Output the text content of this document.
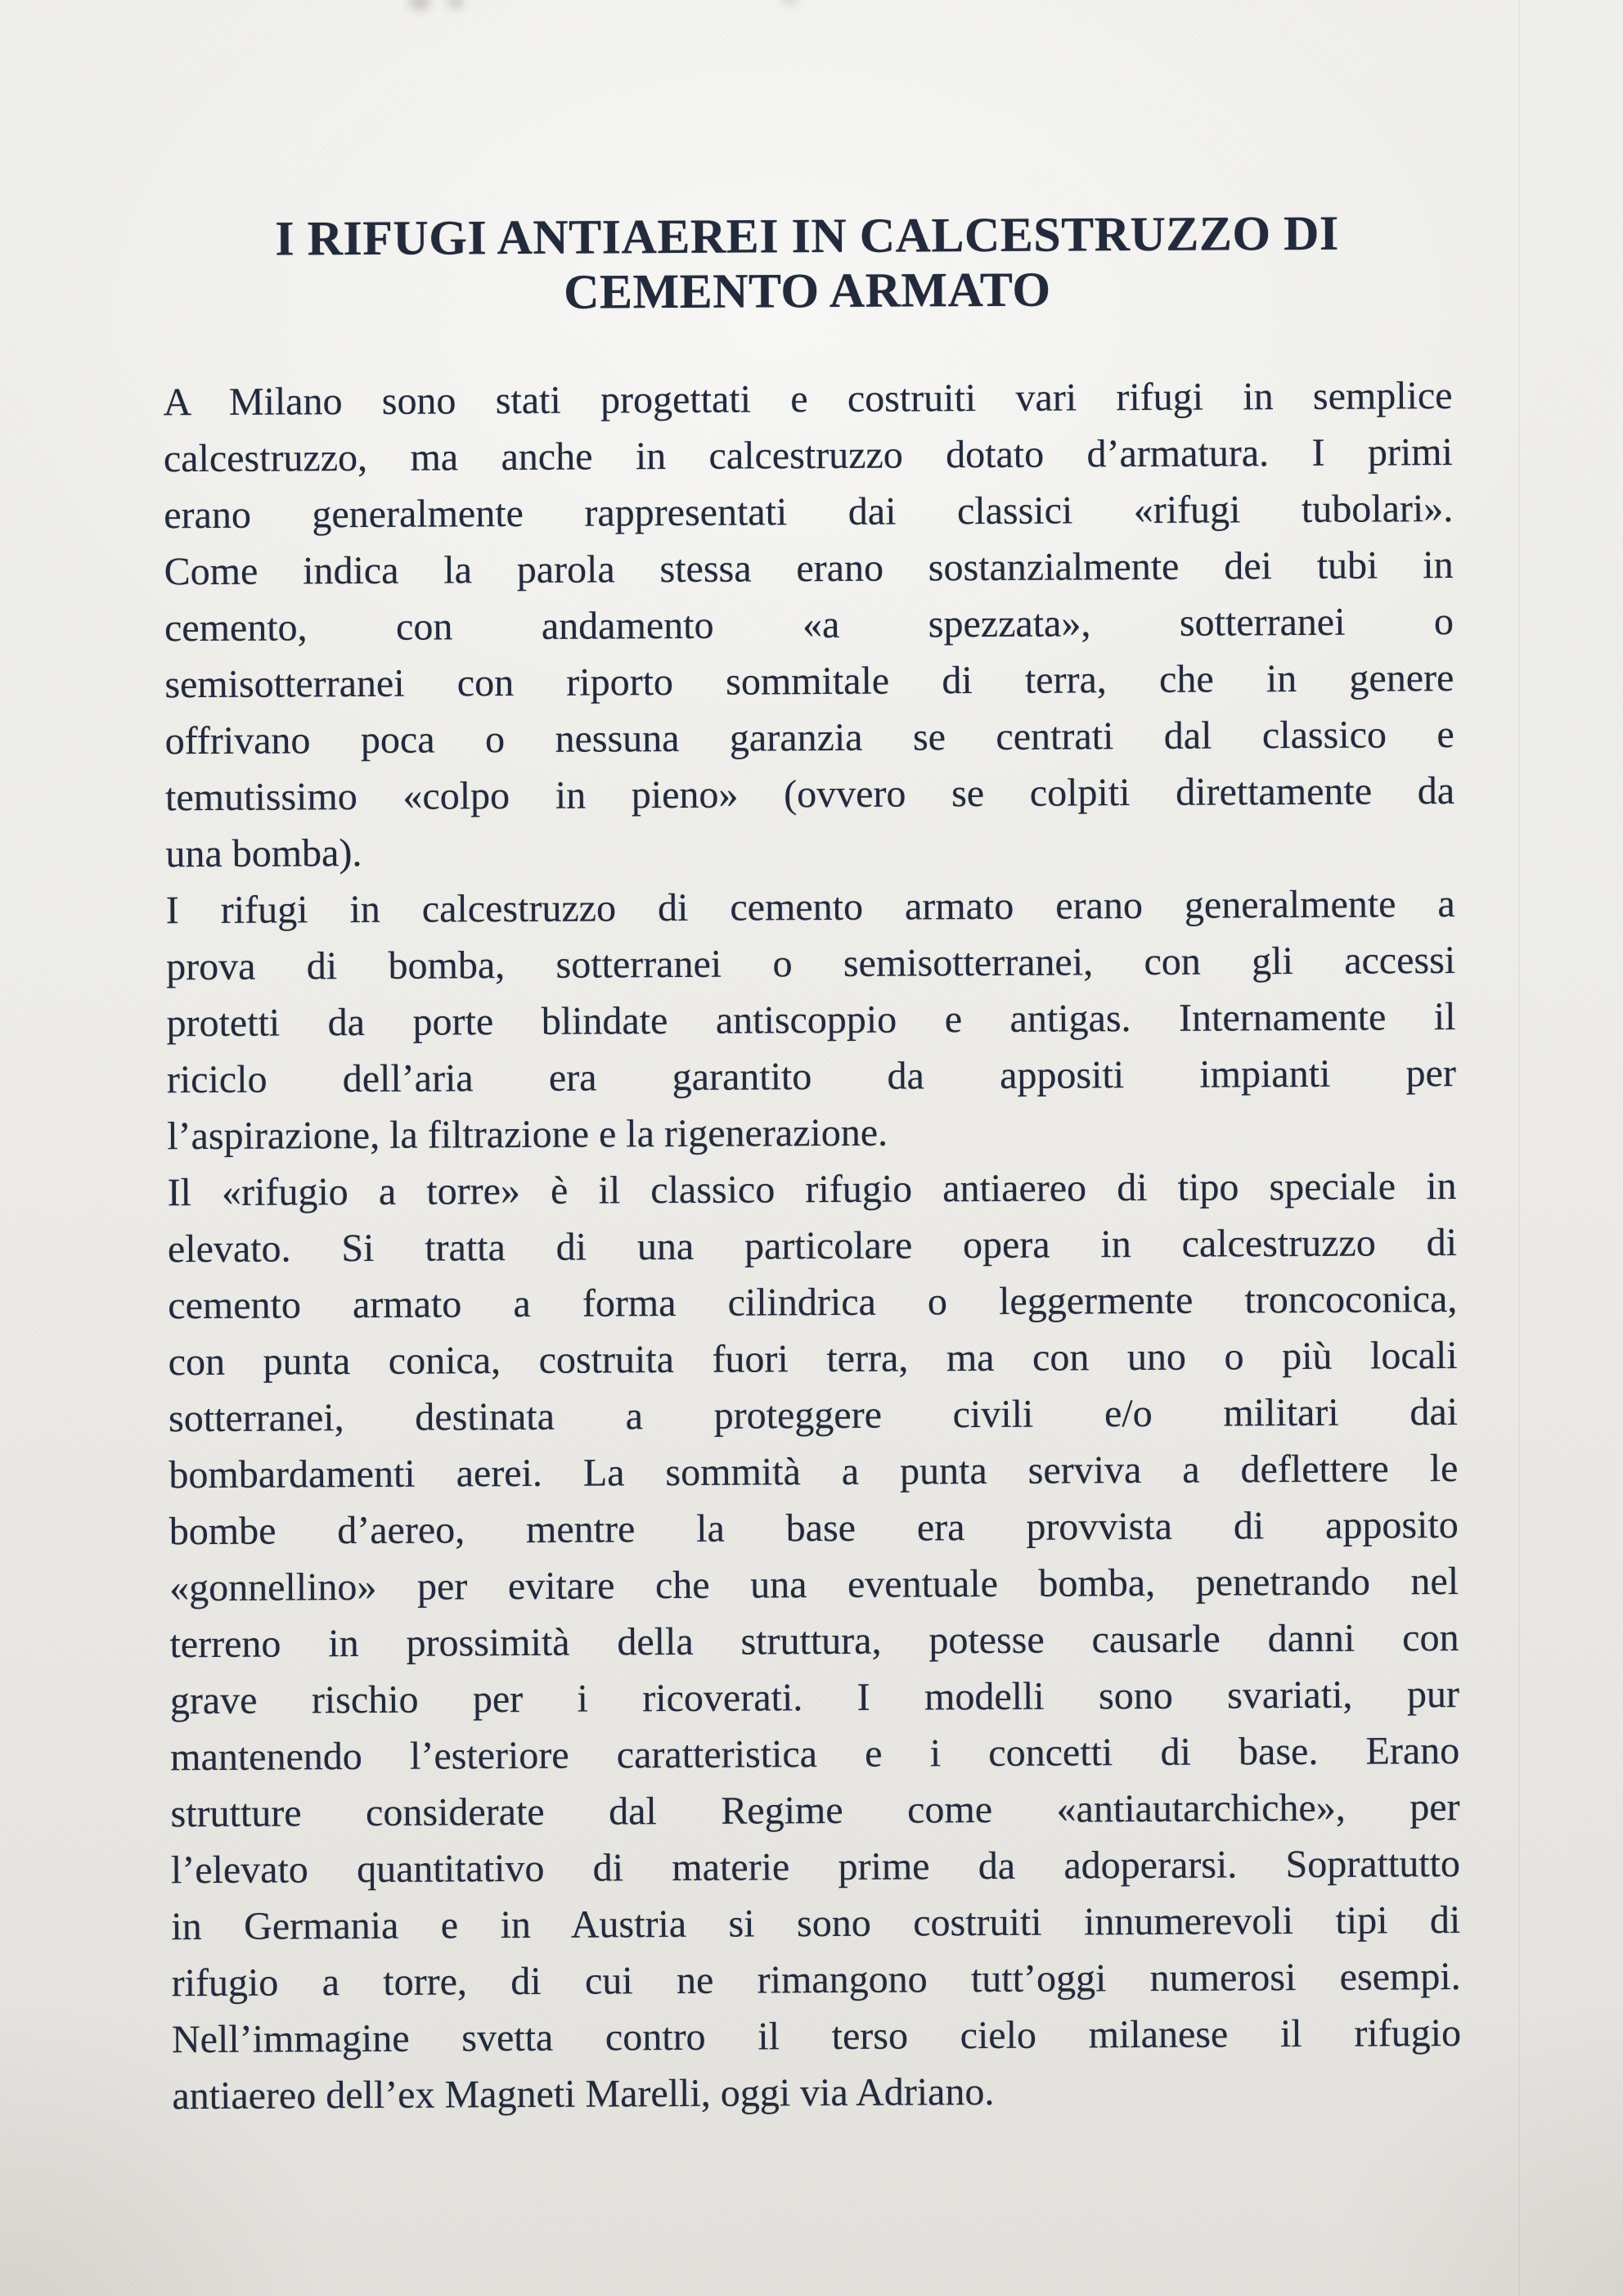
I RIFUGI ANTIAEREI IN CALCESTRUZZO DI
CEMENTO ARMATO
A Milano sono stati progettati e costruiti vari rifugi in semplice
calcestruzzo, ma anche in calcestruzzo dotato d’armatura. I primi
erano generalmente rappresentati dai classici «rifugi tubolari».
Come indica la parola stessa erano sostanzialmente dei tubi in
cemento, con andamento «a spezzata», sotterranei o
semisotterranei con riporto sommitale di terra, che in genere
offrivano poca o nessuna garanzia se centrati dal classico e
temutissimo «colpo in pieno» (ovvero se colpiti direttamente da
una bomba).
I rifugi in calcestruzzo di cemento armato erano generalmente a
prova di bomba, sotterranei o semisotterranei, con gli accessi
protetti da porte blindate antiscoppio e antigas. Internamente il
riciclo dell’aria era garantito da appositi impianti per
l’aspirazione, la filtrazione e la rigenerazione.
Il «rifugio a torre» è il classico rifugio antiaereo di tipo speciale in
elevato. Si tratta di una particolare opera in calcestruzzo di
cemento armato a forma cilindrica o leggermente troncoconica,
con punta conica, costruita fuori terra, ma con uno o più locali
sotterranei, destinata a proteggere civili e/o militari dai
bombardamenti aerei. La sommità a punta serviva a deflettere le
bombe d’aereo, mentre la base era provvista di apposito
«gonnellino» per evitare che una eventuale bomba, penetrando nel
terreno in prossimità della struttura, potesse causarle danni con
grave rischio per i ricoverati. I modelli sono svariati, pur
mantenendo l’esteriore caratteristica e i concetti di base. Erano
strutture considerate dal Regime come «antiautarchiche», per
l’elevato quantitativo di materie prime da adoperarsi. Soprattutto
in Germania e in Austria si sono costruiti innumerevoli tipi di
rifugio a torre, di cui ne rimangono tutt’oggi numerosi esempi.
Nell’immagine svetta contro il terso cielo milanese il rifugio
antiaereo dell’ex Magneti Marelli, oggi via Adriano.
